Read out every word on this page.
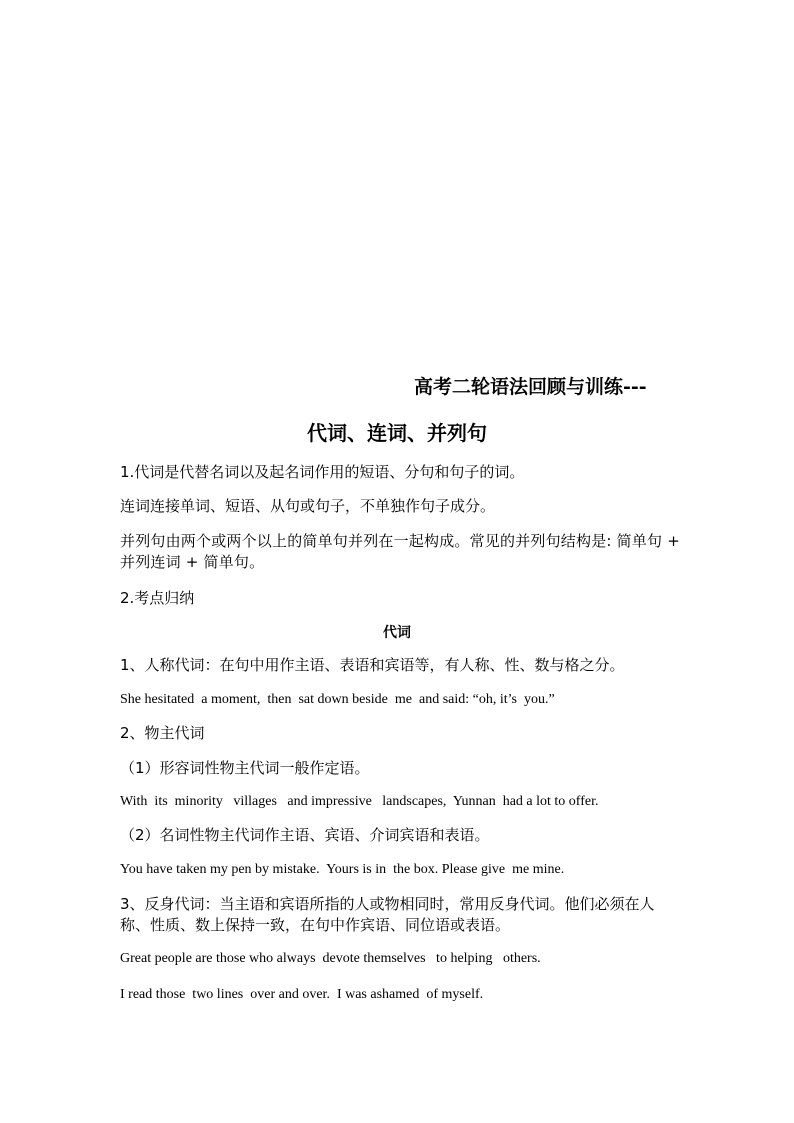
高考二轮语法回顾与训练---
代词、连词、并列句
1.代词是代替名词以及起名词作用的短语、分句和句子的词。
连词连接单词、短语、从句或句子，不单独作句子成分。
并列句由两个或两个以上的简单句并列在一起构成。常见的并列句结构是: 简单句 + 并列连词 + 简单句。
2.考点归纳
代词
1、人称代词：在句中用作主语、表语和宾语等，有人称、性、数与格之分。
She hesitated  a moment,  then  sat down beside  me  and said: “oh, it’s  you.”
2、物主代词
（1）形容词性物主代词一般作定语。
With  its  minority   villages   and impressive   landscapes,  Yunnan  had a lot to offer.
（2）名词性物主代词作主语、宾语、介词宾语和表语。
You have taken my pen by mistake.  Yours is in  the box. Please give  me mine.
3、反身代词：当主语和宾语所指的人或物相同时，常用反身代词。他们必须在人称、性质、数上保持一致，在句中作宾语、同位语或表语。
Great people are those who always  devote themselves   to helping   others.
I read those  two lines  over and over.  I was ashamed  of myself.
